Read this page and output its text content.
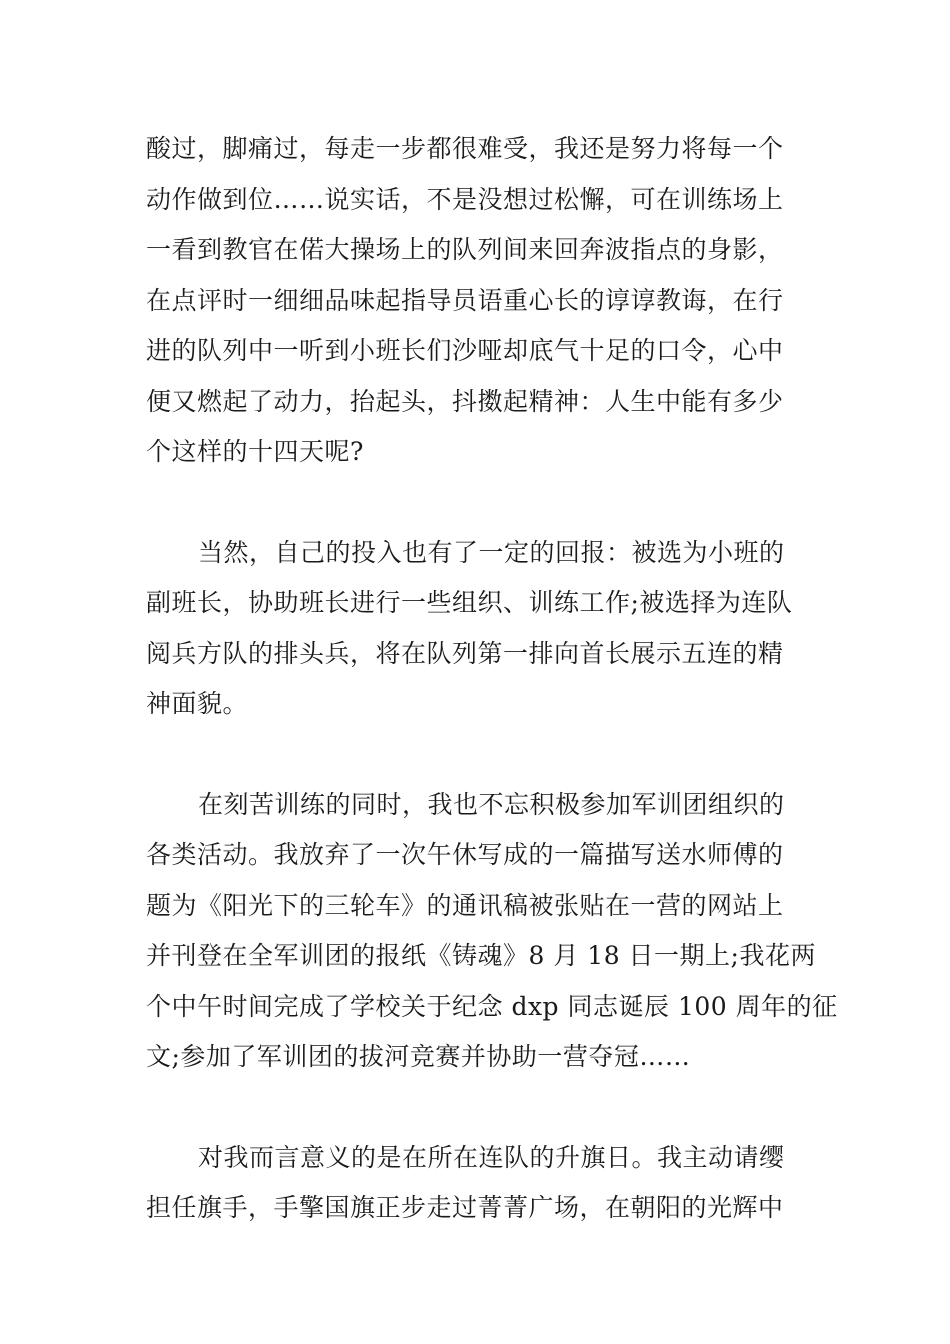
酸过，脚痛过，每走一步都很难受，我还是努力将每一个
动作做到位……说实话，不是没想过松懈，可在训练场上
一看到教官在偌大操场上的队列间来回奔波指点的身影，
在点评时一细细品味起指导员语重心长的谆谆教诲，在行
进的队列中一听到小班长们沙哑却底气十足的口令，心中
便又燃起了动力，抬起头，抖擞起精神：人生中能有多少
个这样的十四天呢?
当然，自己的投入也有了一定的回报：被选为小班的
副班长，协助班长进行一些组织、训练工作;被选择为连队
阅兵方队的排头兵，将在队列第一排向首长展示五连的精
神面貌。
在刻苦训练的同时，我也不忘积极参加军训团组织的
各类活动。我放弃了一次午休写成的一篇描写送水师傅的
题为《阳光下的三轮车》的通讯稿被张贴在一营的网站上
并刊登在全军训团的报纸《铸魂》8 月 18 日一期上;我花两
个中午时间完成了学校关于纪念 dxp 同志诞辰 100 周年的征
文;参加了军训团的拔河竞赛并协助一营夺冠……
对我而言意义的是在所在连队的升旗日。我主动请缨
担任旗手，手擎国旗正步走过菁菁广场，在朝阳的光辉中
